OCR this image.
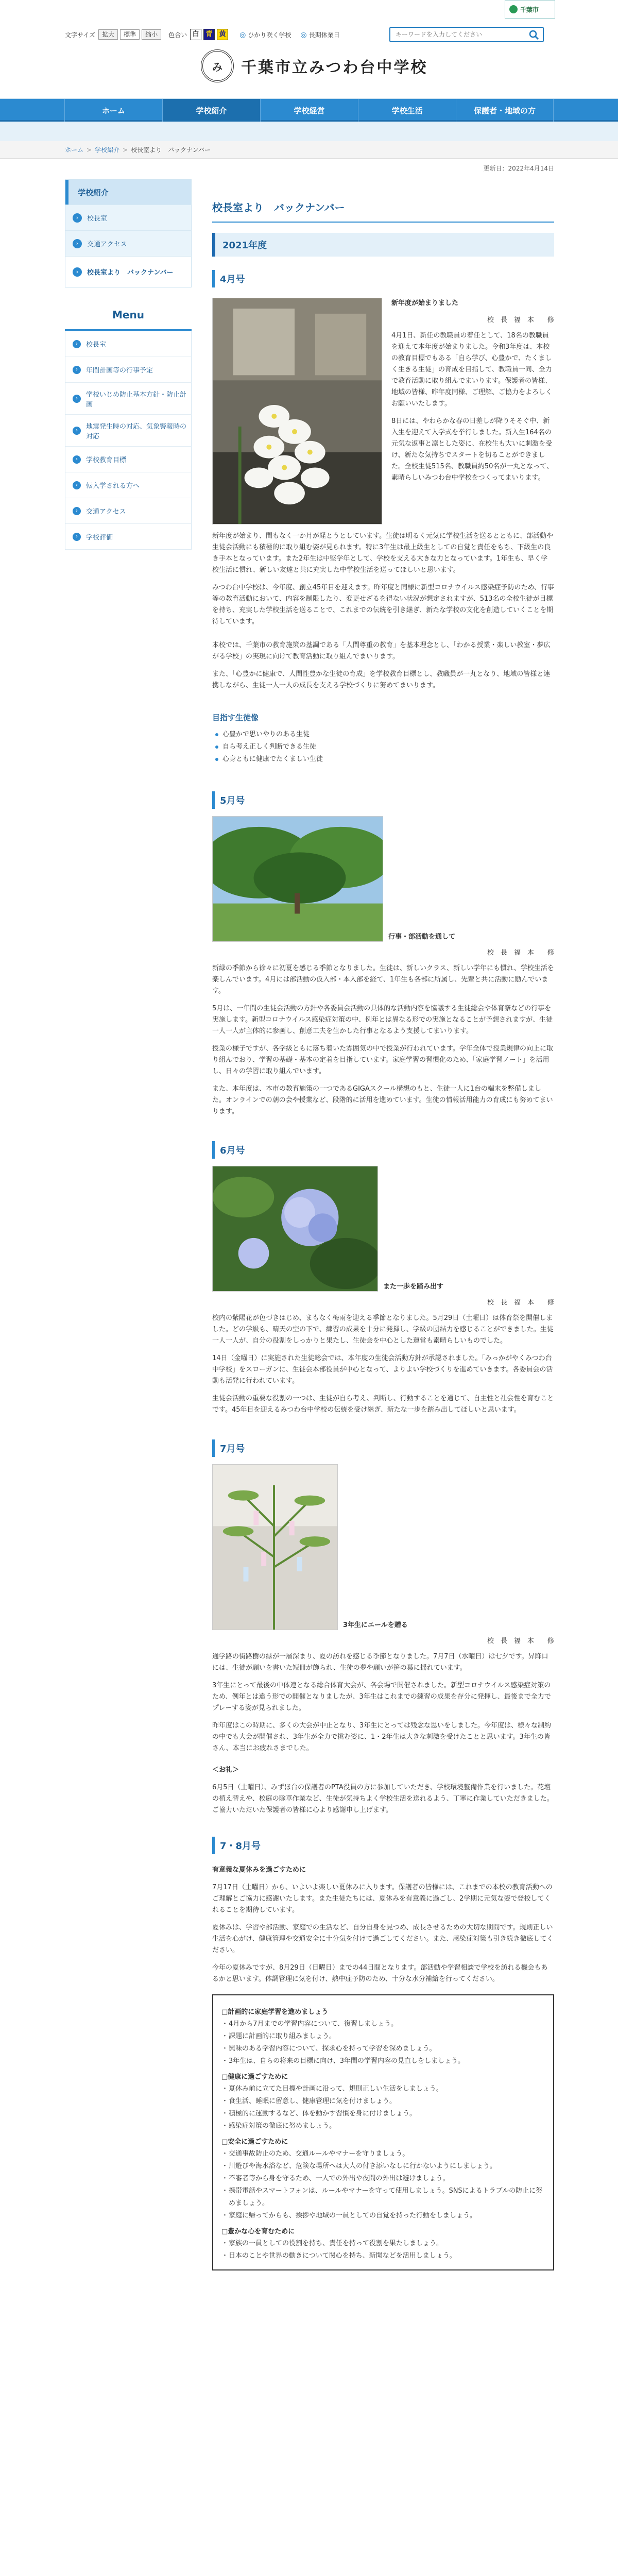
千葉市
文字サイズ	拡大	標準	縮小	色合い 白 青 黄	◎ ひかり咲く学校 ◎ 長期休業日
キーワードを入力してください
み	千葉市立みつわ台中学校
ホーム	学校紹介	学校経営	学校生活	保護者・地域の方
ホーム > 学校紹介 > 校長室より　バックナンバー
学校紹介
›	校長室
›	交通アクセス
›	校長室より　バックナンバー
Menu
›	校長室
›	年間計画等の行事予定
›	学校いじめ防止基本方針・防止計画
›	地震発生時の対応、気象警報時の対応
›	学校教育目標
›	転入学される方へ
›	交通アクセス
›	学校評価
更新日：2022年4月14日
校長室より　バックナンバー
2021年度
4月号
新年度が始まりました
校　長　福　本　　修
4月1日、新任の教職員の着任として、18名の教職員を迎えて本年度が始まりました。令和3年度は、本校の教育目標でもある「自ら学び、心豊かで、たくましく生きる生徒」の育成を目指して、教職員一同、全力で教育活動に取り組んでまいります。保護者の皆様、地域の皆様、昨年度同様、ご理解、ご協力をよろしくお願いいたします。
8日には、やわらかな春の日差しが降りそそぐ中、新入生を迎えて入学式を挙行しました。新入生164名の元気な返事と凛とした姿に、在校生も大いに刺激を受け、新たな気持ちでスタートを切ることができました。全校生徒515名、教職員約50名が一丸となって、素晴らしいみつわ台中学校をつくってまいります。
新年度が始まり、間もなく一か月が経とうとしています。生徒は明るく元気に学校生活を送るとともに、部活動や生徒会活動にも積極的に取り組む姿が見られます。特に3年生は最上級生としての自覚と責任をもち、下級生の良き手本となっています。また2年生は中堅学年として、学校を支える大きな力となっています。1年生も、早く学校生活に慣れ、新しい友達と共に充実した中学校生活を送ってほしいと思います。
みつわ台中学校は、今年度、創立45年目を迎えます。昨年度と同様に新型コロナウイルス感染症予防のため、行事等の教育活動において、内容を制限したり、変更せざるを得ない状況が想定されますが、513名の全校生徒が目標を持ち、充実した学校生活を送ることで、これまでの伝統を引き継ぎ、新たな学校の文化を創造していくことを期待しています。
本校では、千葉市の教育施策の基調である「人間尊重の教育」を基本理念とし、「わかる授業・楽しい教室・夢広がる学校」の実現に向けて教育活動に取り組んでまいります。
また、「心豊かに健康で、人間性豊かな生徒の育成」を学校教育目標とし、教職員が一丸となり、地域の皆様と連携しながら、生徒一人一人の成長を支える学校づくりに努めてまいります。
目指す生徒像
心豊かで思いやりのある生徒
自ら考え正しく判断できる生徒
心身ともに健康でたくましい生徒
5月号
行事・部活動を通して
校　長　福　本　　修
新緑の季節から徐々に初夏を感じる季節となりました。生徒は、新しいクラス、新しい学年にも慣れ、学校生活を楽しんでいます。4月には部活動の仮入部・本入部を経て、1年生も各部に所属し、先輩と共に活動に励んでいます。
5月は、一年間の生徒会活動の方針や各委員会活動の具体的な活動内容を協議する生徒総会や体育祭などの行事を実施します。新型コロナウイルス感染症対策の中、例年とは異なる形での実施となることが予想されますが、生徒一人一人が主体的に参画し、創意工夫を生かした行事となるよう支援してまいります。
授業の様子ですが、各学級ともに落ち着いた雰囲気の中で授業が行われています。学年全体で授業規律の向上に取り組んでおり、学習の基礎・基本の定着を目指しています。家庭学習の習慣化のため、「家庭学習ノート」を活用し、日々の学習に取り組んでいます。
また、本年度は、本市の教育施策の一つであるGIGAスクール構想のもと、生徒一人に1台の端末を整備しました。オンラインでの朝の会や授業など、段階的に活用を進めています。生徒の情報活用能力の育成にも努めてまいります。
6月号
また一歩を踏み出す
校　長　福　本　　修
校内の紫陽花が色づきはじめ、まもなく梅雨を迎える季節となりました。5月29日（土曜日）は体育祭を開催しました。どの学級も、晴天の空の下で、練習の成果を十分に発揮し、学級の団結力を感じることができました。生徒一人一人が、自分の役割をしっかりと果たし、生徒会を中心とした運営も素晴らしいものでした。
14日（金曜日）に実施された生徒総会では、本年度の生徒会活動方針が承認されました。「みっかがやくみつわ台中学校」をスローガンに、生徒会本部役員が中心となって、よりよい学校づくりを進めていきます。各委員会の活動も活発に行われています。
生徒会活動の重要な役割の一つは、生徒が自ら考え、判断し、行動することを通じて、自主性と社会性を育むことです。45年目を迎えるみつわ台中学校の伝統を受け継ぎ、新たな一歩を踏み出してほしいと思います。
7月号
3年生にエールを贈る
校　長　福　本　　修
通学路の街路樹の緑が一層深まり、夏の訪れを感じる季節となりました。7月7日（水曜日）は七夕です。昇降口には、生徒が願いを書いた短冊が飾られ、生徒の夢や願いが笹の葉に揺れています。
3年生にとって最後の中体連となる総合体育大会が、各会場で開催されました。新型コロナウイルス感染症対策のため、例年とは違う形での開催となりましたが、3年生はこれまでの練習の成果を存分に発揮し、最後まで全力でプレーする姿が見られました。
昨年度はこの時期に、多くの大会が中止となり、3年生にとっては残念な思いをしました。今年度は、様々な制約の中でも大会が開催され、3年生が全力で挑む姿に、1・2年生は大きな刺激を受けたことと思います。3年生の皆さん、本当にお疲れさまでした。
＜お礼＞
6月5日（土曜日）、みずほ台の保護者のPTA役員の方に参加していただき、学校環境整備作業を行いました。花壇の植え替えや、校庭の除草作業など、生徒が気持ちよく学校生活を送れるよう、丁寧に作業していただきました。ご協力いただいた保護者の皆様に心より感謝申し上げます。
7・8月号
有意義な夏休みを過ごすために
7月17日（土曜日）から、いよいよ楽しい夏休みに入ります。保護者の皆様には、これまでの本校の教育活動へのご理解とご協力に感謝いたします。また生徒たちには、夏休みを有意義に過ごし、2学期に元気な姿で登校してくれることを期待しています。
夏休みは、学習や部活動、家庭での生活など、自分自身を見つめ、成長させるための大切な期間です。規則正しい生活を心がけ、健康管理や交通安全に十分気を付けて過ごしてください。また、感染症対策も引き続き徹底してください。
今年の夏休みですが、8月29日（日曜日）までの44日間となります。部活動や学習相談で学校を訪れる機会もあるかと思います。体調管理に気を付け、熱中症予防のため、十分な水分補給を行ってください。
□計画的に家庭学習を進めましょう
・ 4月から7月までの学習内容について、復習しましょう。
・ 課題に計画的に取り組みましょう。
・ 興味のある学習内容について、探求心を持って学習を深めましょう。
・ 3年生は、自らの将来の目標に向け、3年間の学習内容の見直しをしましょう。
□健康に過ごすために
・ 夏休み前に立てた目標や計画に沿って、規則正しい生活をしましょう。
・ 食生活、睡眠に留意し、健康管理に気を付けましょう。
・ 積極的に運動するなど、体を動かす習慣を身に付けましょう。
・ 感染症対策の徹底に努めましょう。
□安全に過ごすために
・ 交通事故防止のため、交通ルールやマナーを守りましょう。
・ 川遊びや海水浴など、危険な場所へは大人の付き添いなしに行かないようにしましょう。
・ 不審者等から身を守るため、一人での外出や夜間の外出は避けましょう。
・ 携帯電話やスマートフォンは、ルールやマナーを守って使用しましょう。SNSによるトラブルの防止に努めましょう。
・ 家庭に帰ってからも、挨拶や地域の一員としての自覚を持った行動をしましょう。
□豊かな心を育むために
・ 家族の一員としての役割を持ち、責任を持って役割を果たしましょう。
・ 日本のことや世界の動きについて関心を持ち、新聞などを活用しましょう。
